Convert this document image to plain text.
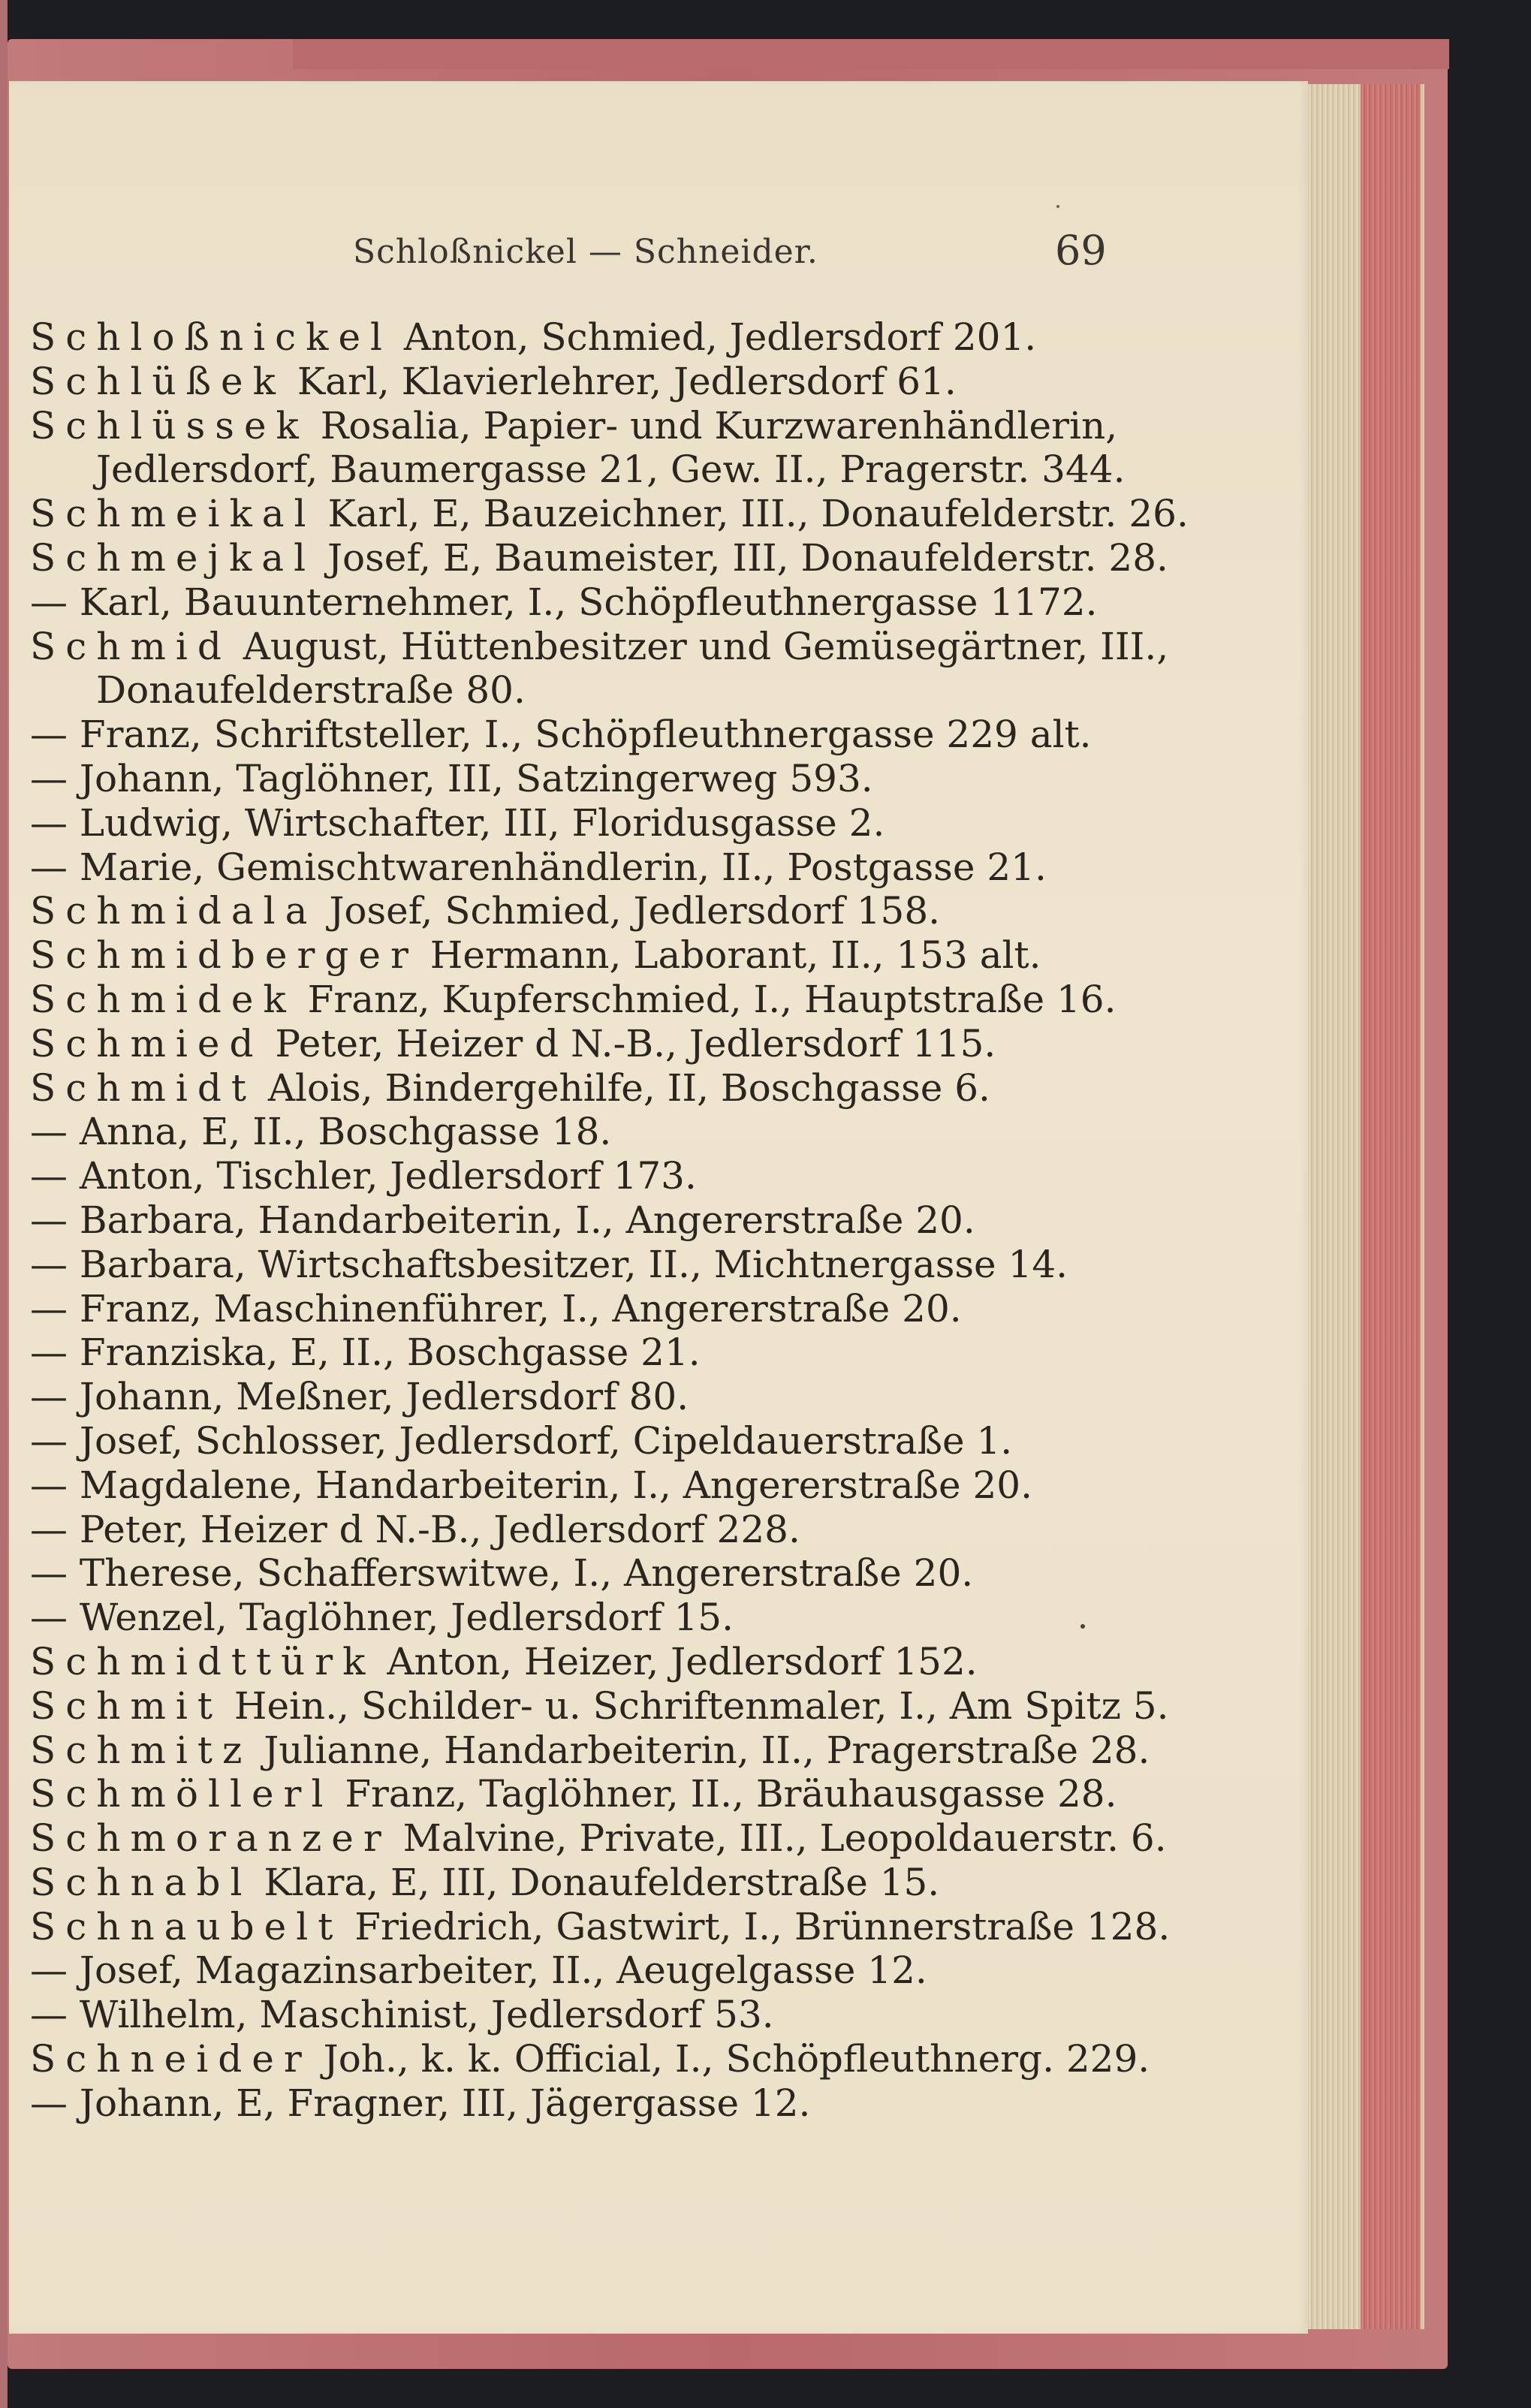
Schloßnickel — Schneider.	69
Schloßnickel Anton, Schmied, Jedlersdorf 201.
Schlüßek Karl, Klavierlehrer, Jedlersdorf 61.
Schlüssek Rosalia, Papier- und Kurzwarenhändlerin,
Jedlersdorf, Baumergasse 21, Gew. II., Pragerstr. 344.
Schmeikal Karl, E, Bauzeichner, III., Donaufelderstr. 26.
Schmejkal Josef, E, Baumeister, III, Donaufelderstr. 28.
— Karl, Bauunternehmer, I., Schöpfleuthnergasse 1172.
Schmid August, Hüttenbesitzer und Gemüsegärtner, III.,
Donaufelderstraße 80.
— Franz, Schriftsteller, I., Schöpfleuthnergasse 229 alt.
— Johann, Taglöhner, III, Satzingerweg 593.
— Ludwig, Wirtschafter, III, Floridusgasse 2.
— Marie, Gemischtwarenhändlerin, II., Postgasse 21.
Schmidala Josef, Schmied, Jedlersdorf 158.
Schmidberger Hermann, Laborant, II., 153 alt.
Schmidek Franz, Kupferschmied, I., Hauptstraße 16.
Schmied Peter, Heizer d N.-B., Jedlersdorf 115.
Schmidt Alois, Bindergehilfe, II, Boschgasse 6.
— Anna, E, II., Boschgasse 18.
— Anton, Tischler, Jedlersdorf 173.
— Barbara, Handarbeiterin, I., Angererstraße 20.
— Barbara, Wirtschaftsbesitzer, II., Michtnergasse 14.
— Franz, Maschinenführer, I., Angererstraße 20.
— Franziska, E, II., Boschgasse 21.
— Johann, Meßner, Jedlersdorf 80.
— Josef, Schlosser, Jedlersdorf, Cipeldauerstraße 1.
— Magdalene, Handarbeiterin, I., Angererstraße 20.
— Peter, Heizer d N.-B., Jedlersdorf 228.
— Therese, Schafferswitwe, I., Angererstraße 20.
— Wenzel, Taglöhner, Jedlersdorf 15.
Schmidttürk Anton, Heizer, Jedlersdorf 152.
Schmit Hein., Schilder- u. Schriftenmaler, I., Am Spitz 5.
Schmitz Julianne, Handarbeiterin, II., Pragerstraße 28.
Schmöllerl Franz, Taglöhner, II., Bräuhausgasse 28.
Schmoranzer Malvine, Private, III., Leopoldauerstr. 6.
Schnabl Klara, E, III, Donaufelderstraße 15.
Schnaubelt Friedrich, Gastwirt, I., Brünnerstraße 128.
— Josef, Magazinsarbeiter, II., Aeugelgasse 12.
— Wilhelm, Maschinist, Jedlersdorf 53.
Schneider Joh., k. k. Official, I., Schöpfleuthnerg. 229.
— Johann, E, Fragner, III, Jägergasse 12.
